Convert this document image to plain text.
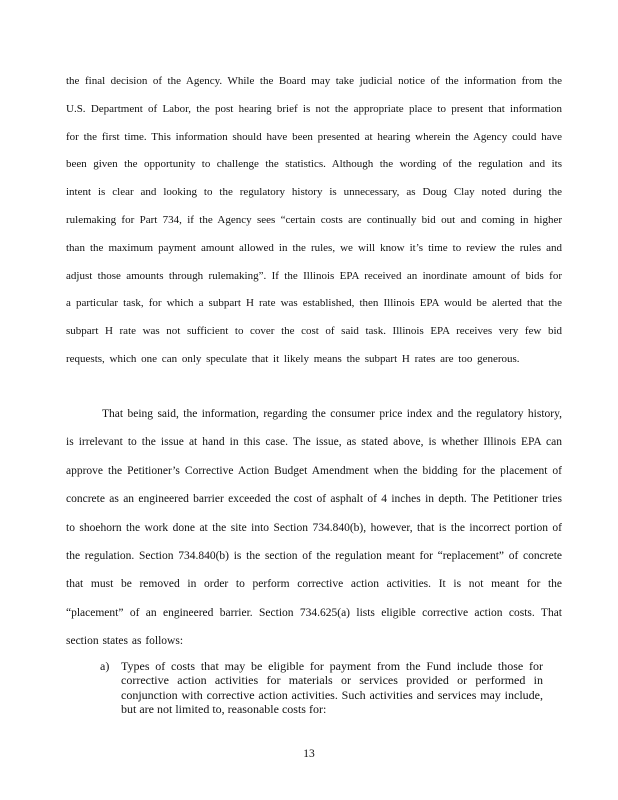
the final decision of the Agency. While the Board may take judicial notice of the information from the U.S. Department of Labor, the post hearing brief is not the appropriate place to present that information for the first time. This information should have been presented at hearing wherein the Agency could have been given the opportunity to challenge the statistics. Although the wording of the regulation and its intent is clear and looking to the regulatory history is unnecessary, as Doug Clay noted during the rulemaking for Part 734, if the Agency sees “certain costs are continually bid out and coming in higher than the maximum payment amount allowed in the rules, we will know it’s time to review the rules and adjust those amounts through rulemaking”. If the Illinois EPA received an inordinate amount of bids for a particular task, for which a subpart H rate was established, then Illinois EPA would be alerted that the subpart H rate was not sufficient to cover the cost of said task. Illinois EPA receives very few bid requests, which one can only speculate that it likely means the subpart H rates are too generous.

That being said, the information, regarding the consumer price index and the regulatory history, is irrelevant to the issue at hand in this case. The issue, as stated above, is whether Illinois EPA can approve the Petitioner’s Corrective Action Budget Amendment when the bidding for the placement of concrete as an engineered barrier exceeded the cost of asphalt of 4 inches in depth. The Petitioner tries to shoehorn the work done at the site into Section 734.840(b), however, that is the incorrect portion of the regulation. Section 734.840(b) is the section of the regulation meant for “replacement” of concrete that must be removed in order to perform corrective action activities. It is not meant for the “placement” of an engineered barrier. Section 734.625(a) lists eligible corrective action costs. That section states as follows:

a) Types of costs that may be eligible for payment from the Fund include those for corrective action activities for materials or services provided or performed in conjunction with corrective action activities. Such activities and services may include, but are not limited to, reasonable costs for:

13
